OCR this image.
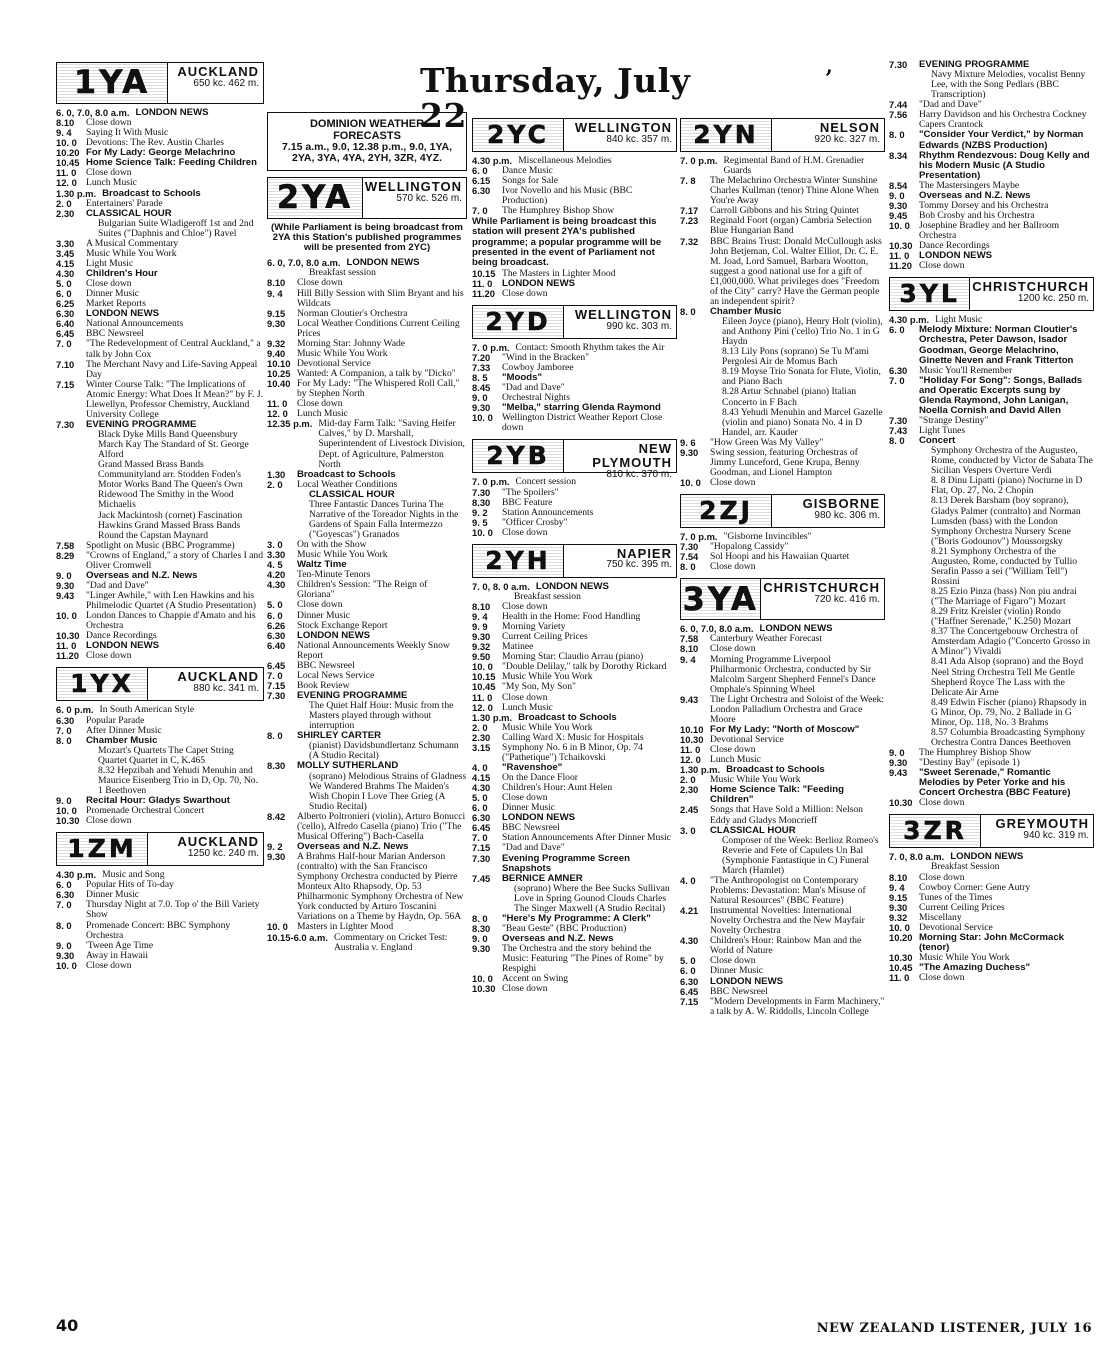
Thursday, July 22
’
1YA	AUCKLAND
650 kc. 462 m.
6. 0, 7.0, 8.0 a.m. LONDON NEWS
8.10	Close down
9. 4	Saying It With Music
10. 0 Devotions: The Rev. Austin Charles
10.20 For My Lady: George Melachrino
10.45 Home Science Talk: Feeding Children
11. 0	Close down
12. 0 Lunch Music
1.30 p.m. Broadcast to Schools
2. 0	Entertainers' Parade
2.30	CLASSICAL HOUR
Bulgarian Suite Wladigeroff 1st and 2nd Suites ("Daphnis and Chloe") Ravel
3.30	A Musical Commentary
3.45	Music While You Work
4.15	Light Music
4.30	Children's Hour
5. 0	Close down
6. 0	Dinner Music
6.25	Market Reports
6.30	LONDON NEWS
6.40	National Announcements
6.45	BBC Newsreel
7. 0	"The Redevelopment of Central Auckland," a talk by John Cox
7.10	The Merchant Navy and Life-Saving Appeal Day
7.15	Winter Course Talk: "The Implications of Atomic Energy: What Does It Mean?" by F. J. Llewellyn, Professor Chemistry, Auckland University College
7.30	EVENING PROGRAMME
Black Dyke Mills Band Queensbury March Kay The Standard of St. George Alford
Grand Massed Brass Bands Communityland arr. Stodden Foden's Motor Works Band The Queen's Own Ridewood The Smithy in the Wood Michaelis
Jack Mackintosh (cornet) Fascination Hawkins Grand Massed Brass Bands Round the Capstan Maynard
7.58	Spotlight on Music (BBC Programme)
8.29	"Crowns of England," a story of Charles I and Oliver Cromwell
9. 0	Overseas and N.Z. News
9.30	"Dad and Dave"
9.43	"Linger Awhile," with Len Hawkins and his Philmelodic Quartet (A Studio Presentation)
10. 0 London Dances to Chappie d'Amato and his Orchestra
10.30 Dance Recordings
11. 0	LONDON NEWS
11.20 Close down
1YX	AUCKLAND
880 kc. 341 m.
6. 0 p.m. In South American Style
6.30	Popular Parade
7. 0	After Dinner Music
8. 0	Chamber Music
Mozart's Quartets The Capet String Quartet Quartet in C, K.465
8.32 Hepzibah and Yehudi Menuhin and Maurice Eisenberg Trio in D, Op. 70, No. 1 Beethoven
9. 0	Recital Hour: Gladys Swarthout
10. 0 Promenade Orchestral Concert
10.30 Close down
1ZM	AUCKLAND
1250 kc. 240 m.
4.30 p.m. Music and Song
6. 0	Popular Hits of To-day
6.30	Dinner Music
7. 0	Thursday Night at 7.0. Top o' the Bill Variety Show
8. 0	Promenade Concert: BBC Symphony Orchestra
9. 0	'Tween Age Time
9.30	Away in Hawaii
10. 0 Close down
DOMINION WEATHER FORECASTS
7.15 a.m., 9.0, 12.38 p.m., 9.0, 1YA, 2YA, 3YA, 4YA, 2YH, 3ZR, 4YZ.
2YA WELLINGTON
570 kc. 526 m.
(While Parliament is being broadcast from 2YA this Station's published programmes will be presented from 2YC)
6. 0, 7.0, 8.0 a.m. LONDON NEWS
Breakfast session
8.10	Close down
9. 4	Hill Billy Session with Slim Bryant and his Wildcats
9.15	Norman Cloutier's Orchestra
9.30	Local Weather Conditions Current Ceiling Prices
9.32	Morning Star: Johnny Wade
9.40	Music While You Work
10.10 Devotional Service
10.25 Wanted: A Companion, a talk by "Dicko"
10.40 For My Lady: "The Whispered Roll Call," by Stephen North
11. 0	Close down
12. 0 Lunch Music
12.35 p.m. Mid-day Farm Talk: "Saving Heifer Calves," by D. Marshall, Superintendent of Livestock Division, Dept. of Agriculture, Palmerston North
1.30	Broadcast to Schools
2. 0	Local Weather Conditions
CLASSICAL HOUR
Three Fantastic Dances Turina The Narrative of the Toreador Nights in the Gardens of Spain Falla Intermezzo ("Goyescas") Granados
3. 0	On with the Show
3.30	Music While You Work
4. 5	Waltz Time
4.20	Ten-Minute Tenors
4.30	Children's Session: "The Reign of Gloriana"
5. 0	Close down
6. 0	Dinner Music
6.26	Stock Exchange Report
6.30	LONDON NEWS
6.40	National Announcements Weekly Snow Report
6.45	BBC Newsreel
7. 0	Local News Service
7.15	Book Review
7.30	EVENING PROGRAMME
The Quiet Half Hour: Music from the Masters played through without interruption
8. 0	SHIRLEY CARTER
(pianist) Davidsbundlertanz Schumann (A Studio Recital)
8.30	MOLLY SUTHERLAND
(soprano) Melodious Strains of Gladness We Wandered Brahms The Maiden's Wish Chopin I Love Thee Grieg (A Studio Recital)
8.42	Alberto Poltronieri (violin), Arturo Bonucci ('cello), Alfredo Casella (piano) Trio ("The Musical Offering") Bach-Casella
9. 2	Overseas and N.Z. News
9.30	A Brahms Half-hour Marian Anderson (contralto) with the San Francisco Symphony Orchestra conducted by Pierre Monteux Alto Rhapsody, Op. 53 Philharmonic Symphony Orchestra of New York conducted by Arturo Toscanini Variations on a Theme by Haydn, Op. 56A
10. 0 Masters in Lighter Mood
10.15-6.0 a.m. Commentary on Cricket Test: Australia v. England
2YC	WELLINGTON
840 kc. 357 m.
4.30 p.m. Miscellaneous Melodies
6. 0	Dance Music
6.15	Songs for Sale
6.30	Ivor Novello and his Music (BBC Production)
7. 0	The Humphrey Bishop Show
While Parliament is being broadcast this station will present 2YA's published programme; a popular programme will be presented in the event of Parliament not being broadcast.
10.15 The Masters in Lighter Mood
11. 0	LONDON NEWS
11.20 Close down
2YD	WELLINGTON
990 kc. 303 m.
7. 0 p.m. Contact: Smooth Rhythm takes the Air
7.20	"Wind in the Bracken"
7.33	Cowboy Jamboree
8. 5	"Moods"
8.45	"Dad and Dave"
9. 0	Orchestral Nights
9.30	"Melba," starring Glenda Raymond
10. 0 Wellington District Weather Report Close down
2YB	NEW PLYMOUTH
810 kc. 370 m.
7. 0 p.m. Concert session
7.30	"The Spoilers"
8.30	BBC Feature
9. 2	Station Announcements
9. 5	"Officer Crosby"
10. 0 Close down
2YH	NAPIER
750 kc. 395 m.
7. 0, 8. 0 a.m. LONDON NEWS
Breakfast session
8.10	Close down
9. 4	Health in the Home: Food Handling
9. 9	Morning Variety
9.30	Current Ceiling Prices
9.32	Matinee
9.50	Morning Star: Claudio Arrau (piano)
10. 0 "Double Delilay," talk by Dorothy Rickard
10.15 Music While You Work
10.45 "My Son, My Son"
11. 0	Close down
12. 0 Lunch Music
1.30 p.m. Broadcast to Schools
2. 0	Music While You Work
2.30	Calling Ward X: Music for Hospitals
3.15	Symphony No. 6 in B Minor, Op. 74 ("Pathetique") Tchaikovski
4. 0	"Ravenshoe"
4.15	On the Dance Floor
4.30	Children's Hour: Aunt Helen
5. 0	Close down
6. 0	Dinner Music
6.30	LONDON NEWS
6.45	BBC Newsreel
7. 0	Station Announcements After Dinner Music
7.15	"Dad and Dave"
7.30	Evening Programme Screen Snapshots
7.45	BERNICE AMNER
(soprano) Where the Bee Sucks Sullivan Love in Spring Gounod Clouds Charles The Singer Maxwell (A Studio Recital)
8. 0	"Here's My Programme: A Clerk"
8.30	"Beau Geste" (BBC Production)
9. 0	Overseas and N.Z. News
9.30	The Orchestra and the story behind the Music: Featuring "The Pines of Rome" by Respighi
10. 0 Accent on Swing
10.30 Close down
2YN	NELSON
920 kc. 327 m.
7. 0 p.m. Regimental Band of H.M. Grenadier Guards
7. 8	The Melachrino Orchestra Winter Sunshine Charles Kullman (tenor) Thine Alone When You're Away
7.17	Carroll Gibbons and his String Quintet
7.23	Reginald Foort (organ) Cambria Selection Blue Hungarian Band
7.32	BBC Brains Trust: Donald McCullough asks John Betjeman, Col. Walter Elliot, Dr. C. E. M. Joad, Lord Samuel, Barbara Wootton, suggest a good national use for a gift of £1,000,000. What privileges does "Freedom of the City" carry? Have the German people an independent spirit?
8. 0	Chamber Music
Eileen Joyce (piano), Henry Holt (violin), and Anthony Pini ('cello) Trio No. 1 in G Haydn
8.13 Lily Pons (soprano) Se Tu M'ami Pergolesi Air de Momus Bach
8.19 Moyse Trio Sonata for Flute, Violin, and Piano Bach
8.28 Artur Schnabel (piano) Italian Concerto in F Bach
8.43 Yehudi Menuhin and Marcel Gazelle (violin and piano) Sonata No. 4 in D Handel, arr. Kauder
9. 6	"How Green Was My Valley"
9.30	Swing session, featuring Orchestras of Jimmy Lunceford, Gene Krupa, Benny Goodman, and Lionel Hampton
10. 0 Close down
2ZJ	GISBORNE
980 kc. 306 m.
7. 0 p.m. "Gisborne Invincibles"
7.30	"Hopalong Cassidy"
7.54	Sol Hoopi and his Hawaiian Quartet
8. 0	Close down
3YA CHRISTCHURCH
720 kc. 416 m.
6. 0, 7.0, 8.0 a.m. LONDON NEWS
7.58	Canterbury Weather Forecast
8.10	Close down
9. 4	Morning Programme Liverpool Philharmonic Orchestra, conducted by Sir Malcolm Sargent Shepherd Fennel's Dance Omphale's Spinning Wheel
9.43	The Light Orchestra and Soloist of the Week: London Palladium Orchestra and Grace Moore
10.10 For My Lady: "North of Moscow"
10.30 Devotional Service
11. 0	Close down
12. 0 Lunch Music
1.30 p.m. Broadcast to Schools
2. 0	Music While You Work
2.30	Home Science Talk: "Feeding Children"
2.45	Songs that Have Sold a Million: Nelson Eddy and Gladys Moncrieff
3. 0	CLASSICAL HOUR
Composer of the Week: Berlioz Romeo's Reverie and Fete of Capulets Un Bal (Symphonie Fantastique in C) Funeral March (Hamlet)
4. 0	"The Anthropologist on Contemporary Problems: Devastation: Man's Misuse of Natural Resources" (BBC Feature)
4.21	Instrumental Novelties: International Novelty Orchestra and the New Mayfair Novelty Orchestra
4.30	Children's Hour: Rainbow Man and the World of Nature
5. 0	Close down
6. 0	Dinner Music
6.30	LONDON NEWS
6.45	BBC Newsreel
7.15	"Modern Developments in Farm Machinery," a talk by A. W. Riddolls, Lincoln College
7.30	EVENING PROGRAMME
Navy Mixture Melodies, vocalist Benny Lee, with the Song Pedlars (BBC Transcription)
7.44	"Dad and Dave"
7.56	Harry Davidson and his Orchestra Cockney Capers Crantock
8. 0	"Consider Your Verdict," by Norman Edwards (NZBS Production)
8.34	Rhythm Rendezvous: Doug Kelly and his Modern Music (A Studio Presentation)
8.54	The Mastersingers Maybe
9. 0	Overseas and N.Z. News
9.30	Tommy Dorsey and his Orchestra
9.45	Bob Crosby and his Orchestra
10. 0 Josephine Bradley and her Ballroom Orchestra
10.30 Dance Recordings
11. 0	LONDON NEWS
11.20 Close down
3YL CHRISTCHURCH
1200 kc. 250 m.
4.30 p.m. Light Music
6. 0	Melody Mixture: Norman Cloutier's Orchestra, Peter Dawson, Isador Goodman, George Melachrino, Ginette Neven and Frank Titterton
6.30	Music You'll Remember
7. 0	"Holiday For Song": Songs, Ballads and Operatic Excerpts sung by Glenda Raymond, John Lanigan, Noella Cornish and David Allen
7.30	"Strange Destiny"
7.43	Light Tunes
8. 0	Concert
Symphony Orchestra of the Augusteo, Rome, conducted by Victor de Sabata The Sicilian Vespers Overture Verdi
8. 8 Dinu Lipatti (piano) Nocturne in D Flat, Op. 27, No. 2 Chopin
8.13 Derek Barsham (boy soprano), Gladys Palmer (contralto) and Norman Lumsden (bass) with the London Symphony Orchestra Nursery Scene ("Boris Godounov") Moussorgsky
8.21 Symphony Orchestra of the Augusteo, Rome, conducted by Tullio Serafin Passo a sei ("William Tell") Rossini
8.25 Ezio Pinza (bass) Non piu andrai ("The Marriage of Figaro") Mozart
8.29 Fritz Kreisler (violin) Rondo ("Haffner Serenade," K.250) Mozart
8.37 The Concertgebouw Orchestra of Amsterdam Adagio ("Concerto Grosso in A Minor") Vivaldi
8.41 Ada Alsop (soprano) and the Boyd Neel String Orchestra Tell Me Gentle Shepherd Royce The Lass with the Delicate Air Arne
8.49 Edwin Fischer (piano) Rhapsody in G Minor, Op. 79, No. 2 Ballade in G Minor, Op. 118, No. 3 Brahms
8.57 Columbia Broadcasting Symphony Orchestra Contra Dances Beethoven
9. 0	The Humphrey Bishop Show
9.30	"Destiny Bay" (episode 1)
9.43	"Sweet Serenade," Romantic Melodies by Peter Yorke and his Concert Orchestra (BBC Feature)
10.30 Close down
3ZR	GREYMOUTH
940 kc. 319 m.
7. 0, 8.0 a.m. LONDON NEWS
Breakfast Session
8.10	Close down
9. 4	Cowboy Corner: Gene Autry
9.15	Tunes of the Times
9.30	Current Ceiling Prices
9.32	Miscellany
10. 0 Devotional Service
10.20 Morning Star: John McCormack (tenor)
10.30 Music While You Work
10.45 "The Amazing Duchess"
11. 0	Close down
40	NEW ZEALAND LISTENER, JULY 16
